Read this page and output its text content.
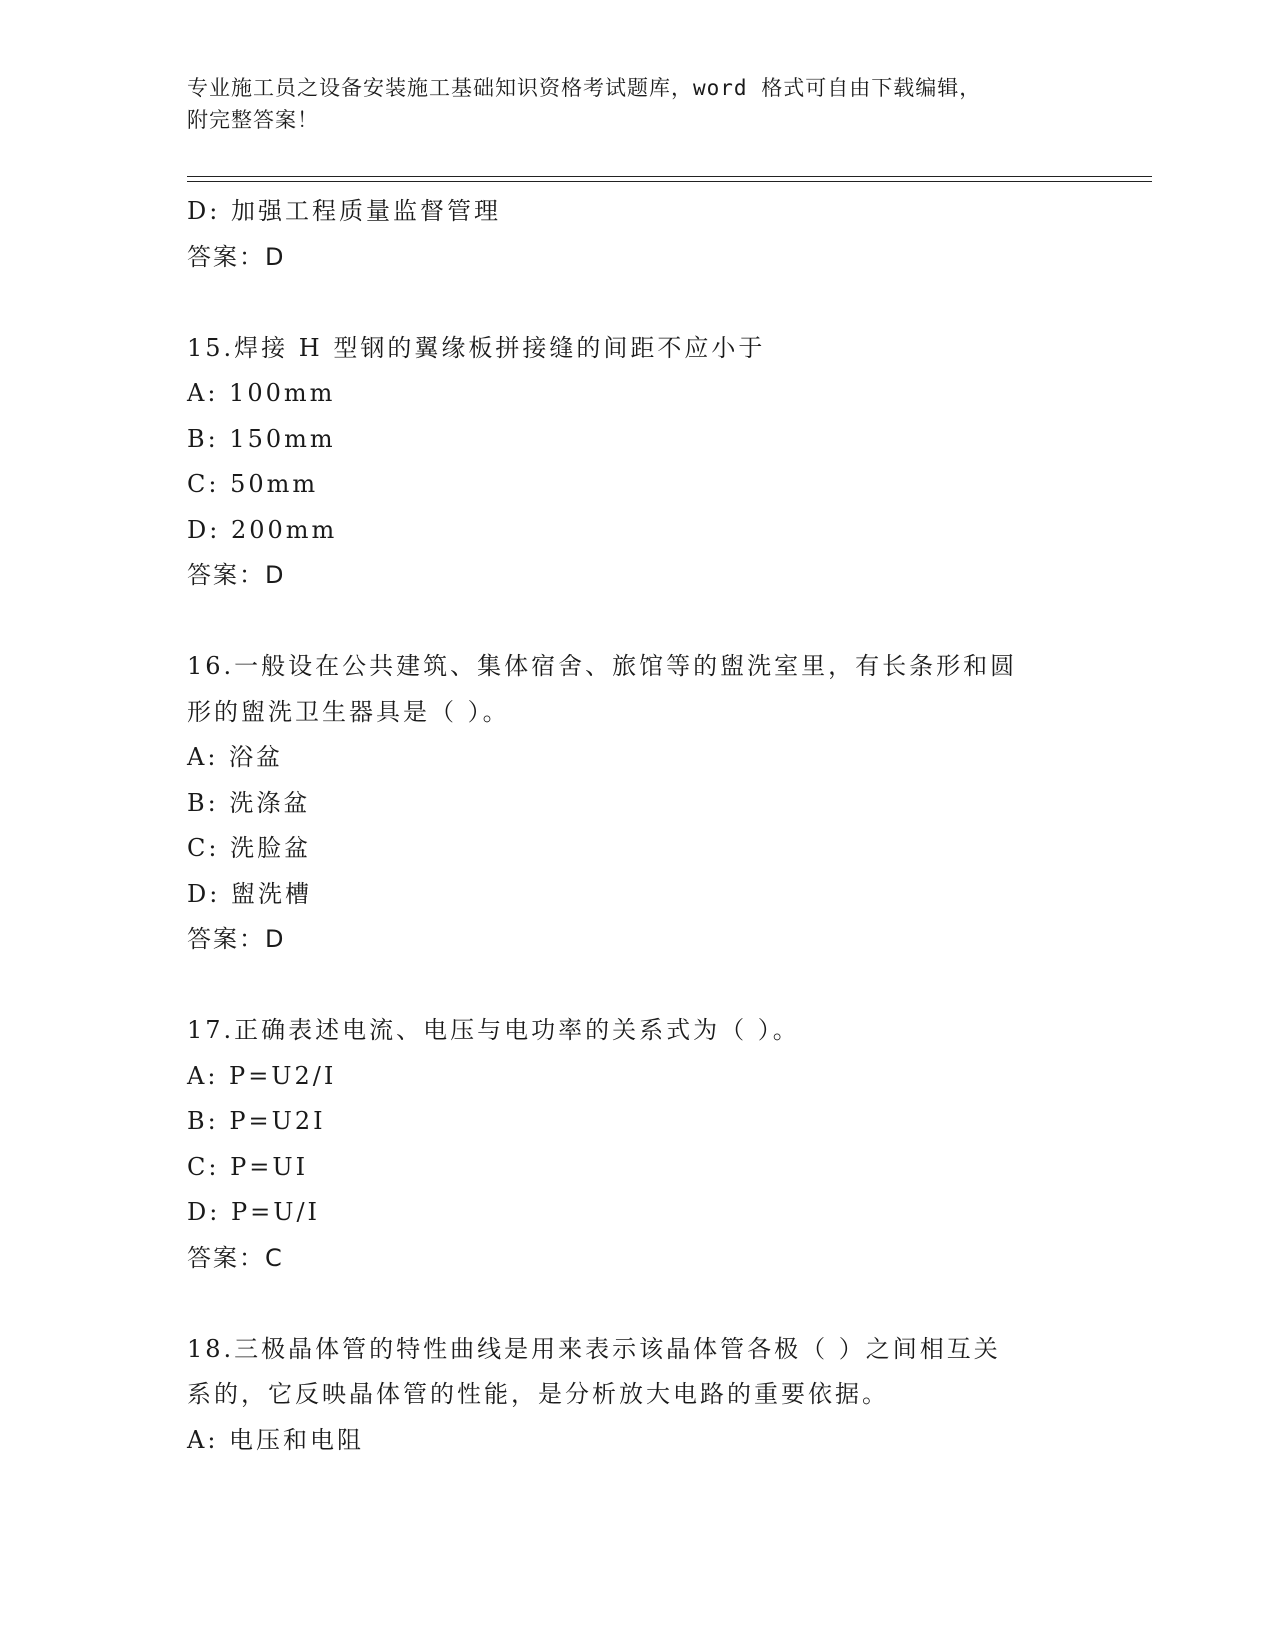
专业施工员之设备安装施工基础知识资格考试题库，word 格式可自由下载编辑，
附完整答案！
D: 加强工程质量监督管理
答案：D
15.焊接 H 型钢的翼缘板拼接缝的间距不应小于
A: 100mm
B: 150mm
C: 50mm
D: 200mm
答案：D
16.一般设在公共建筑、集体宿舍、旅馆等的盥洗室里，有长条形和圆
形的盥洗卫生器具是（ ）。
A: 浴盆
B: 洗涤盆
C: 洗脸盆
D: 盥洗槽
答案：D
17.正确表述电流、电压与电功率的关系式为（ ）。
A: P=U2/I
B: P=U2I
C: P=UI
D: P=U/I
答案：C
18.三极晶体管的特性曲线是用来表示该晶体管各极（ ）之间相互关
系的，它反映晶体管的性能，是分析放大电路的重要依据。
A: 电压和电阻
